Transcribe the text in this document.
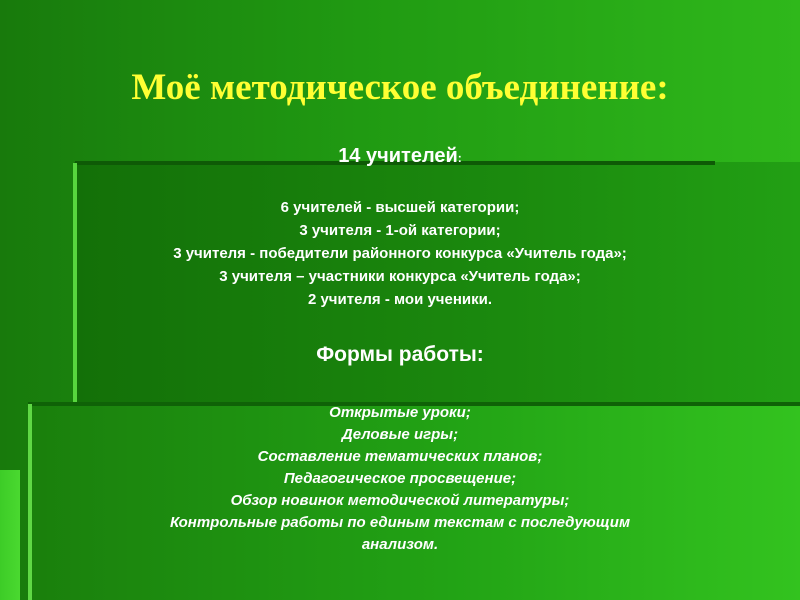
Моё методическое объединение:
14 учителей:
6 учителей - высшей категории;
3 учителя - 1-ой категории;
3 учителя - победители районного конкурса «Учитель года»;
3 учителя – участники конкурса «Учитель года»;
2 учителя - мои ученики.
Формы работы:
Открытые уроки;
Деловые игры;
Составление тематических планов;
Педагогическое просвещение;
Обзор новинок методической литературы;
Контрольные работы по единым текстам с последующим
анализом.
